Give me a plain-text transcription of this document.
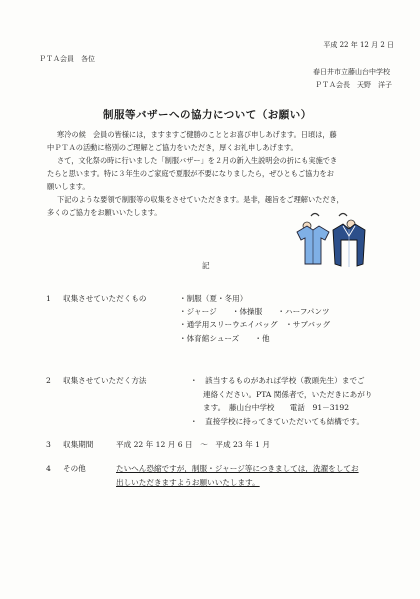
平成 22 年 12 月 2 日
ＰＴＡ会員　各位
春日井市立藤山台中学校
ＰＴＡ会長　天野　洋子
制服等バザーへの協力について（お願い）
寒冷の候　会員の皆様には，ますますご健勝のこととお喜び申しあげます。日頃は，藤
中ＰＴＡの活動に格別のご理解とご協力をいただき，厚くお礼申しあげます。
さて，文化祭の時に行いました「制服バザー」を２月の新入生説明会の折にも実施でき
たらと思います。特に３年生のご家庭で夏服が不要になりましたら，ぜひともご協力をお
願いします。
下記のような要領で制服等の収集をさせていただきます。是非，趣旨をご理解いただき，
多くのご協力をお願いいたします。
記
1 収集させていただくもの	・制服（夏・冬用）
・ジャージ　　・体操服　　・ハーフパンツ
・通学用スリーウエイバッグ　・サブバッグ
・体育館シューズ　　・他
2 収集させていただく方法	・　該当するものがあれば学校（教頭先生）までご
連絡ください。PTA 関係者で，いただきにあがり
ます。　藤山台中学校　　電話　91－3192
・　直接学校に持ってきていただいても結構です。
3 収集期間	平成 22 年 12 月 6 日　～　平成 23 年 1 月
4 その他	たいへん恐縮ですが，制服・ジャージ等につきましては，洗濯をしてお
出しいただきますようお願いいたします。
